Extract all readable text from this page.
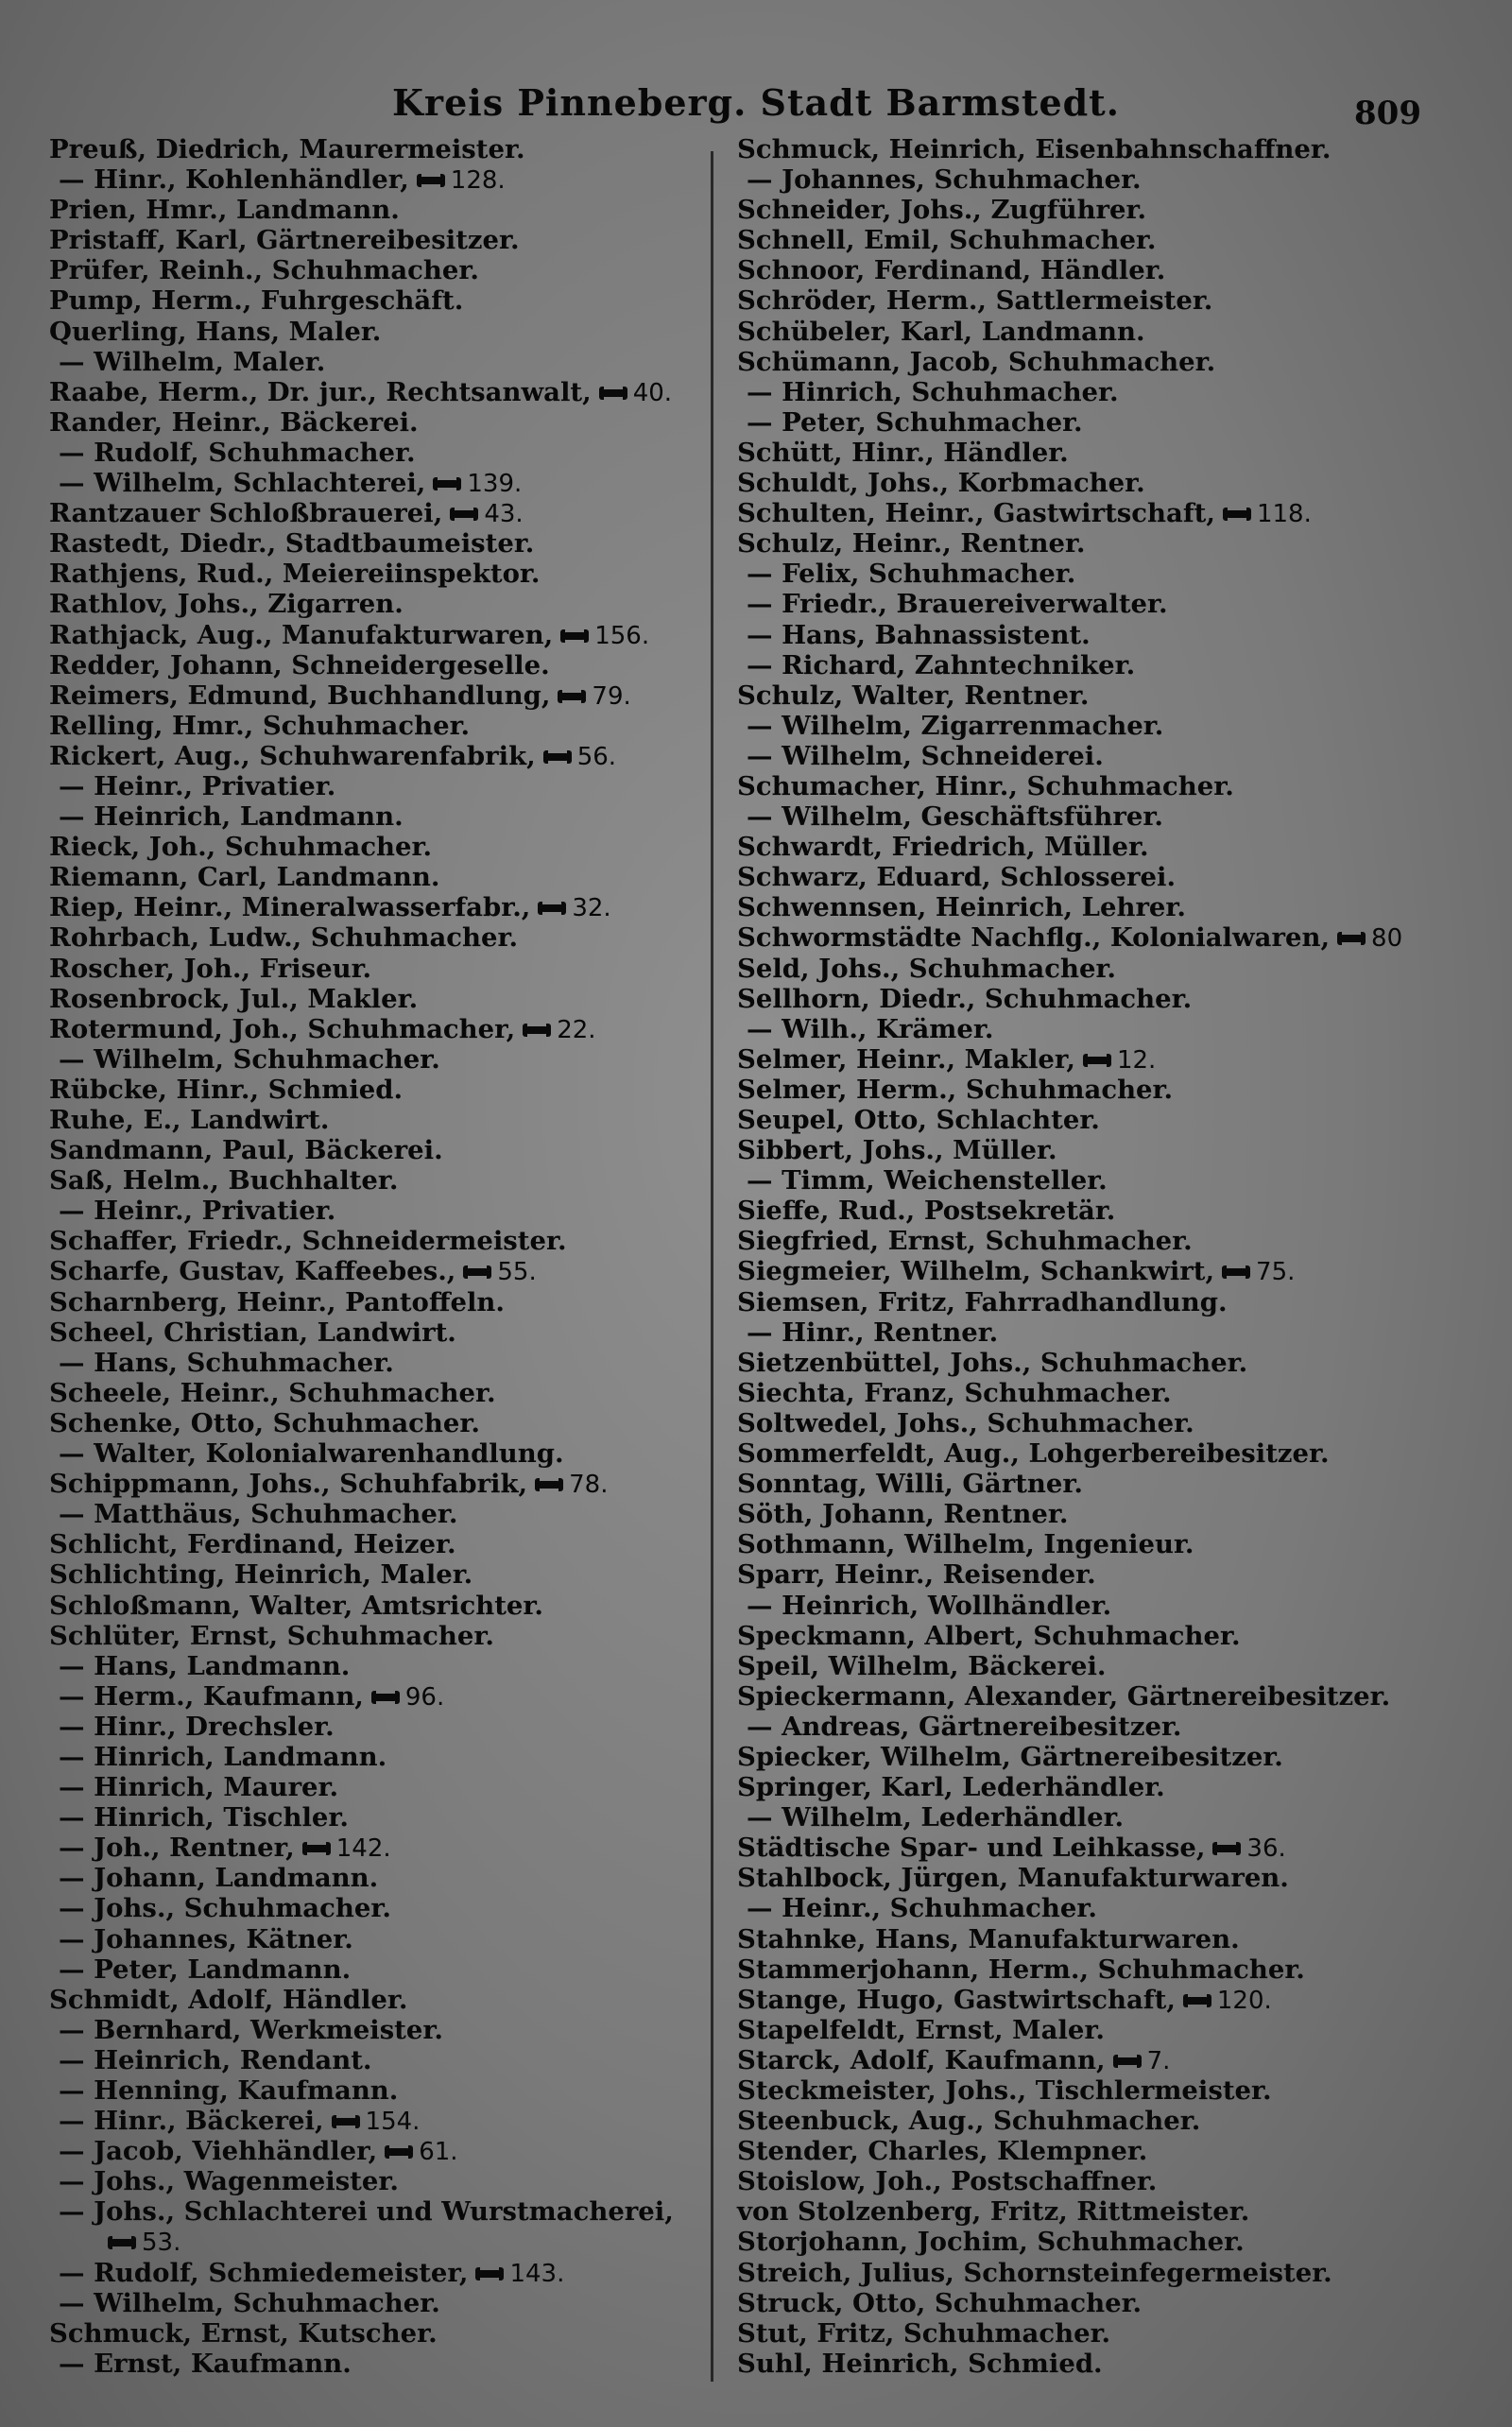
Kreis Pinneberg. Stadt Barmstedt.	809
Preuß, Diedrich, Maurermeister.
— Hinr., Kohlenhändler, 128.
Prien, Hmr., Landmann.
Pristaff, Karl, Gärtnereibesitzer.
Prüfer, Reinh., Schuhmacher.
Pump, Herm., Fuhrgeschäft.
Querling, Hans, Maler.
— Wilhelm, Maler.
Raabe, Herm., Dr. jur., Rechtsanwalt, 40.
Rander, Heinr., Bäckerei.
— Rudolf, Schuhmacher.
— Wilhelm, Schlachterei, 139.
Rantzauer Schloßbrauerei, 43.
Rastedt, Diedr., Stadtbaumeister.
Rathjens, Rud., Meiereiinspektor.
Rathlov, Johs., Zigarren.
Rathjack, Aug., Manufakturwaren, 156.
Redder, Johann, Schneidergeselle.
Reimers, Edmund, Buchhandlung, 79.
Relling, Hmr., Schuhmacher.
Rickert, Aug., Schuhwarenfabrik, 56.
— Heinr., Privatier.
— Heinrich, Landmann.
Rieck, Joh., Schuhmacher.
Riemann, Carl, Landmann.
Riep, Heinr., Mineralwasserfabr., 32.
Rohrbach, Ludw., Schuhmacher.
Roscher, Joh., Friseur.
Rosenbrock, Jul., Makler.
Rotermund, Joh., Schuhmacher, 22.
— Wilhelm, Schuhmacher.
Rübcke, Hinr., Schmied.
Ruhe, E., Landwirt.
Sandmann, Paul, Bäckerei.
Saß, Helm., Buchhalter.
— Heinr., Privatier.
Schaffer, Friedr., Schneidermeister.
Scharfe, Gustav, Kaffeebes., 55.
Scharnberg, Heinr., Pantoffeln.
Scheel, Christian, Landwirt.
— Hans, Schuhmacher.
Scheele, Heinr., Schuhmacher.
Schenke, Otto, Schuhmacher.
— Walter, Kolonialwarenhandlung.
Schippmann, Johs., Schuhfabrik, 78.
— Matthäus, Schuhmacher.
Schlicht, Ferdinand, Heizer.
Schlichting, Heinrich, Maler.
Schloßmann, Walter, Amtsrichter.
Schlüter, Ernst, Schuhmacher.
— Hans, Landmann.
— Herm., Kaufmann, 96.
— Hinr., Drechsler.
— Hinrich, Landmann.
— Hinrich, Maurer.
— Hinrich, Tischler.
— Joh., Rentner, 142.
— Johann, Landmann.
— Johs., Schuhmacher.
— Johannes, Kätner.
— Peter, Landmann.
Schmidt, Adolf, Händler.
— Bernhard, Werkmeister.
— Heinrich, Rendant.
— Henning, Kaufmann.
— Hinr., Bäckerei, 154.
— Jacob, Viehhändler, 61.
— Johs., Wagenmeister.
— Johs., Schlachterei und Wurstmacherei,
53.
— Rudolf, Schmiedemeister, 143.
— Wilhelm, Schuhmacher.
Schmuck, Ernst, Kutscher.
— Ernst, Kaufmann.
Schmuck, Heinrich, Eisenbahnschaffner.
— Johannes, Schuhmacher.
Schneider, Johs., Zugführer.
Schnell, Emil, Schuhmacher.
Schnoor, Ferdinand, Händler.
Schröder, Herm., Sattlermeister.
Schübeler, Karl, Landmann.
Schümann, Jacob, Schuhmacher.
— Hinrich, Schuhmacher.
— Peter, Schuhmacher.
Schütt, Hinr., Händler.
Schuldt, Johs., Korbmacher.
Schulten, Heinr., Gastwirtschaft, 118.
Schulz, Heinr., Rentner.
— Felix, Schuhmacher.
— Friedr., Brauereiverwalter.
— Hans, Bahnassistent.
— Richard, Zahntechniker.
Schulz, Walter, Rentner.
— Wilhelm, Zigarrenmacher.
— Wilhelm, Schneiderei.
Schumacher, Hinr., Schuhmacher.
— Wilhelm, Geschäftsführer.
Schwardt, Friedrich, Müller.
Schwarz, Eduard, Schlosserei.
Schwennsen, Heinrich, Lehrer.
Schwormstädte Nachflg., Kolonialwaren, 80
Seld, Johs., Schuhmacher.
Sellhorn, Diedr., Schuhmacher.
— Wilh., Krämer.
Selmer, Heinr., Makler, 12.
Selmer, Herm., Schuhmacher.
Seupel, Otto, Schlachter.
Sibbert, Johs., Müller.
— Timm, Weichensteller.
Sieffe, Rud., Postsekretär.
Siegfried, Ernst, Schuhmacher.
Siegmeier, Wilhelm, Schankwirt, 75.
Siemsen, Fritz, Fahrradhandlung.
— Hinr., Rentner.
Sietzenbüttel, Johs., Schuhmacher.
Siechta, Franz, Schuhmacher.
Soltwedel, Johs., Schuhmacher.
Sommerfeldt, Aug., Lohgerbereibesitzer.
Sonntag, Willi, Gärtner.
Söth, Johann, Rentner.
Sothmann, Wilhelm, Ingenieur.
Sparr, Heinr., Reisender.
— Heinrich, Wollhändler.
Speckmann, Albert, Schuhmacher.
Speil, Wilhelm, Bäckerei.
Spieckermann, Alexander, Gärtnereibesitzer.
— Andreas, Gärtnereibesitzer.
Spiecker, Wilhelm, Gärtnereibesitzer.
Springer, Karl, Lederhändler.
— Wilhelm, Lederhändler.
Städtische Spar- und Leihkasse, 36.
Stahlbock, Jürgen, Manufakturwaren.
— Heinr., Schuhmacher.
Stahnke, Hans, Manufakturwaren.
Stammerjohann, Herm., Schuhmacher.
Stange, Hugo, Gastwirtschaft, 120.
Stapelfeldt, Ernst, Maler.
Starck, Adolf, Kaufmann, 7.
Steckmeister, Johs., Tischlermeister.
Steenbuck, Aug., Schuhmacher.
Stender, Charles, Klempner.
Stoislow, Joh., Postschaffner.
von Stolzenberg, Fritz, Rittmeister.
Storjohann, Jochim, Schuhmacher.
Streich, Julius, Schornsteinfegermeister.
Struck, Otto, Schuhmacher.
Stut, Fritz, Schuhmacher.
Suhl, Heinrich, Schmied.
